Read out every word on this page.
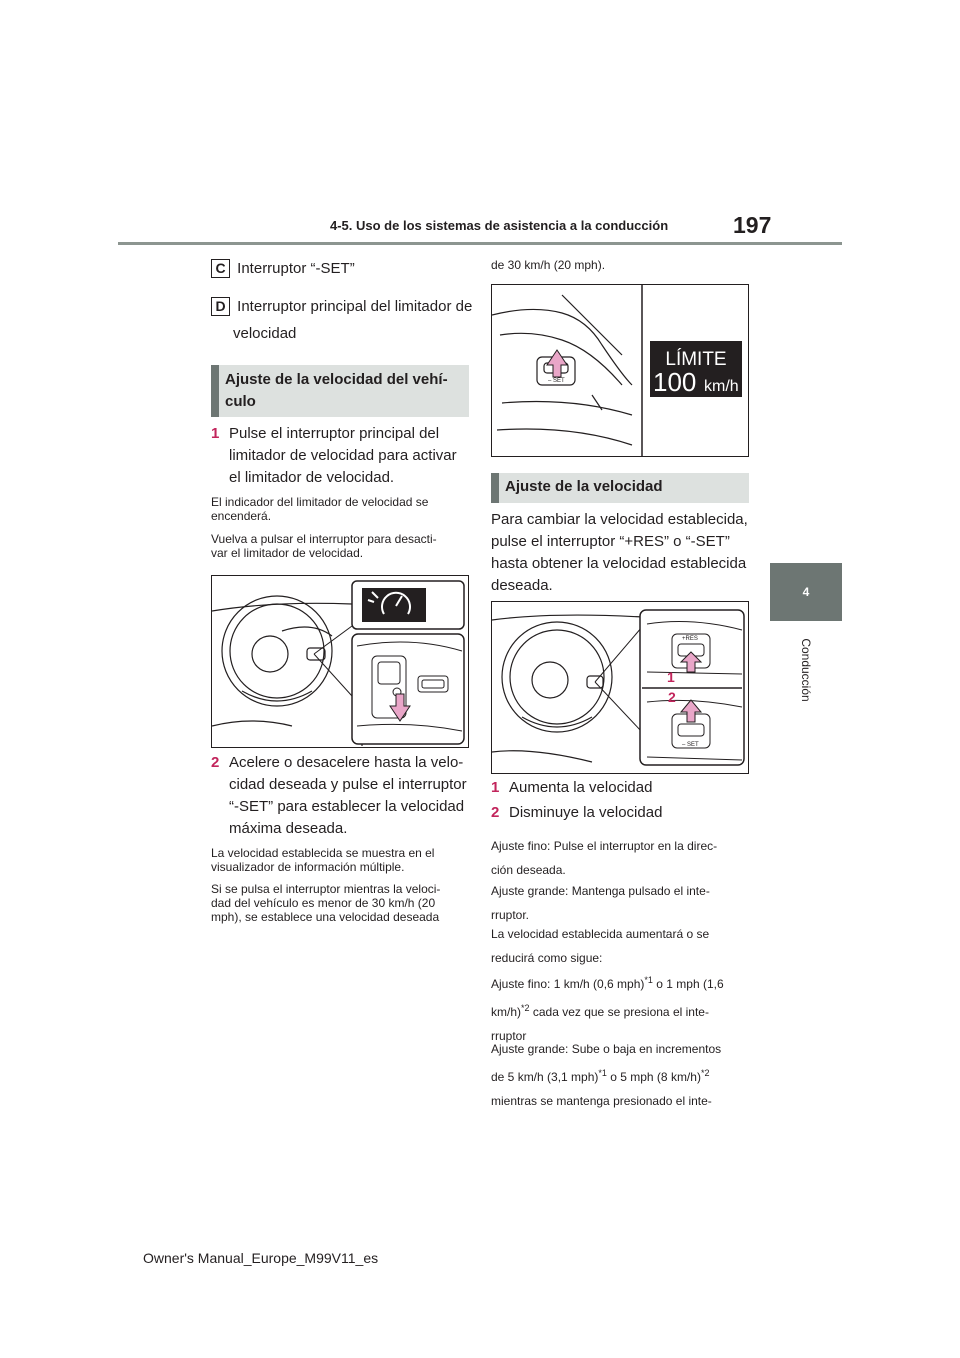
4-5. Uso de los sistemas de asistencia a la conducción	197
4
Conducción
C Interruptor “-SET”
D Interruptor principal del limitador de
velocidad
Ajuste de la velocidad del vehí-
culo
1 Pulse el interruptor principal del
limitador de velocidad para activar
el limitador de velocidad.
El indicador del limitador de velocidad se
encenderá.
Vuelva a pulsar el interruptor para desacti-
var el limitador de velocidad.
2 Acelere o desacelere hasta la velo-
cidad deseada y pulse el interruptor
“-SET” para establecer la velocidad
máxima deseada.
La velocidad establecida se muestra en el
visualizador de información múltiple.
Si se pulsa el interruptor mientras la veloci-
dad del vehículo es menor de 30 km/h (20
mph), se establece una velocidad deseada
de 30 km/h (20 mph).
– SET
LÍMITE
100 km/h
Ajuste de la velocidad
Para cambiar la velocidad establecida,
pulse el interruptor “+RES” o “-SET”
hasta obtener la velocidad establecida
deseada.
+RES
– SET
1
2
1 Aumenta la velocidad
2 Disminuye la velocidad
Ajuste fino: Pulse el interruptor en la direc-
ción deseada.
Ajuste grande: Mantenga pulsado el inte-
rruptor.
La velocidad establecida aumentará o se
reducirá como sigue:
Ajuste fino: 1 km/h (0,6 mph)$^{*1}$ o 1 mph (1,6
km/h)$^{*2}$ cada vez que se presiona el inte-
rruptor
Ajuste grande: Sube o baja en incrementos
de 5 km/h (3,1 mph)$^{*1}$ o 5 mph (8 km/h)$^{*2}$
mientras se mantenga presionado el inte-
Owner's Manual_Europe_M99V11_es
